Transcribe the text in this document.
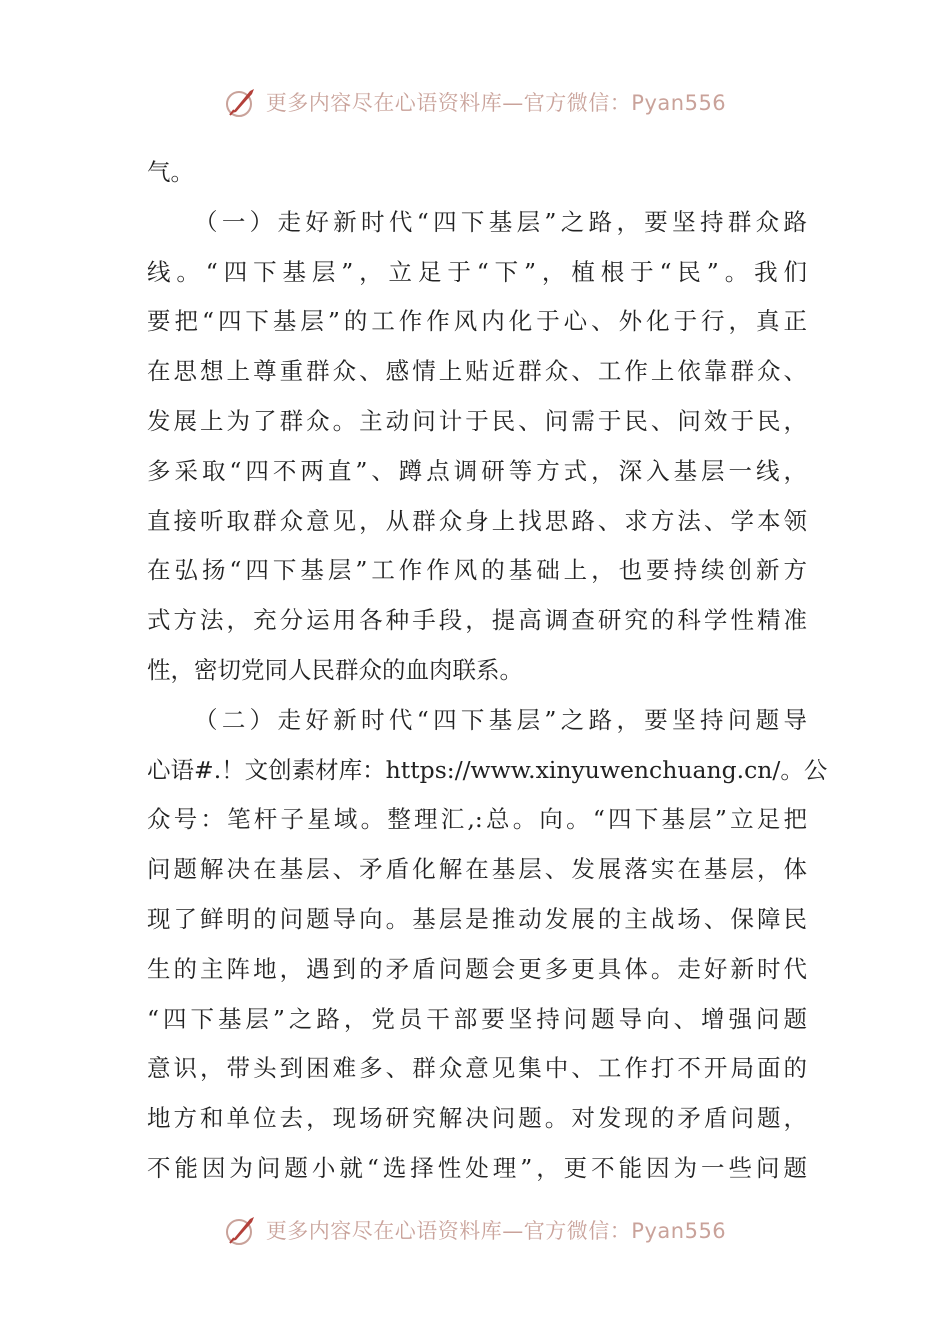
更多内容尽在心语资料库—官方微信：Pyan556
气。
（一）走好新时代“四下基层”之路，要坚持群众路
线。“四下基层”，立足于“下”，植根于“民”。我们
要把“四下基层”的工作作风内化于心、外化于行，真正
在思想上尊重群众、感情上贴近群众、工作上依靠群众、
发展上为了群众。主动问计于民、问需于民、问效于民，
多采取“四不两直”、蹲点调研等方式，深入基层一线，
直接听取群众意见，从群众身上找思路、求方法、学本领
在弘扬“四下基层”工作作风的基础上，也要持续创新方
式方法，充分运用各种手段，提高调查研究的科学性精准
性，密切党同人民群众的血肉联系。
（二）走好新时代“四下基层”之路，要坚持问题导
心语#.！文创素材库：https://www.xinyuwenchuang.cn/。公
众号：笔杆子星域。整理汇,:总。向。“四下基层”立足把
问题解决在基层、矛盾化解在基层、发展落实在基层，体
现了鲜明的问题导向。基层是推动发展的主战场、保障民
生的主阵地，遇到的矛盾问题会更多更具体。走好新时代
“四下基层”之路，党员干部要坚持问题导向、增强问题
意识，带头到困难多、群众意见集中、工作打不开局面的
地方和单位去，现场研究解决问题。对发现的矛盾问题，
不能因为问题小就“选择性处理”，更不能因为一些问题
更多内容尽在心语资料库—官方微信：Pyan556
